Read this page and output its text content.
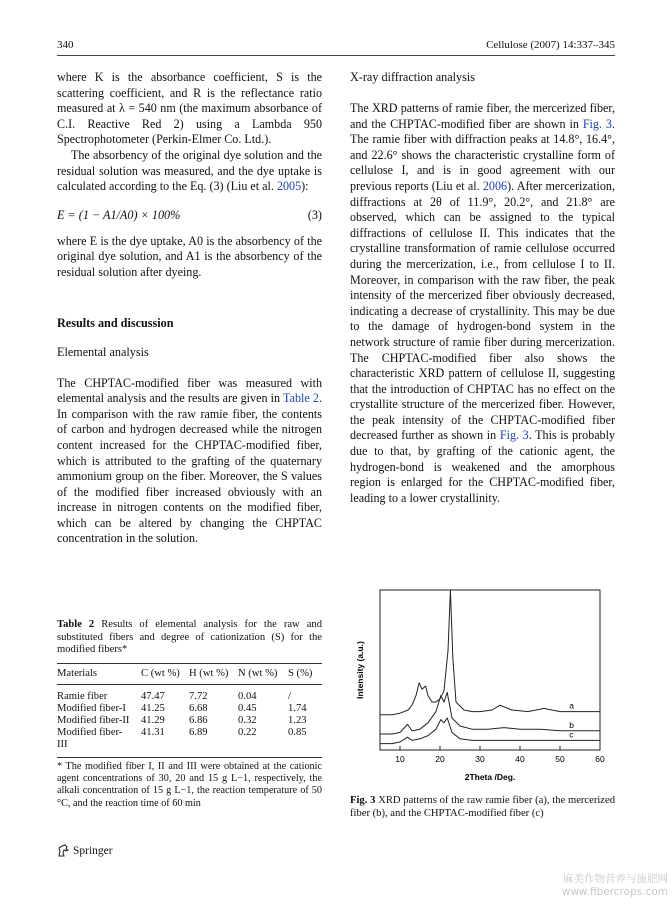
340	Cellulose (2007) 14:337–345

where K is the absorbance coefficient, S is the scattering coefficient, and R is the reflectance ratio measured at λ = 540 nm (the maximum absorbance of C.I. Reactive Red 2) using a Lambda 950 Spectrophotometer (Perkin-Elmer Co. Ltd.).

The absorbency of the original dye solution and the residual solution was measured, and the dye uptake is calculated according to the Eq. (3) (Liu et al. 2005):

E = (1 − A1/A0) × 100%	(3)

where E is the dye uptake, A0 is the absorbency of the original dye solution, and A1 is the absorbency of the residual solution after dyeing.

Results and discussion
Elemental analysis

The CHPTAC-modified fiber was measured with elemental analysis and the results are given in Table 2. In comparison with the raw ramie fiber, the contents of carbon and hydrogen decreased while the nitrogen content increased for the CHPTAC-modified fiber, which is attributed to the grafting of the quaternary ammonium group on the fiber. Moreover, the S values of the modified fiber increased obviously with an increase in nitrogen contents on the modified fiber, which can be altered by changing the CHPTAC concentration in the solution.

Table 2 Results of elemental analysis for the raw and substituted fibers and degree of cationization (S) for the modified fibers*
Materials	C (wt %)	H (wt %)	N (wt %)	S (%)

Ramie fiber	47.47	7.72	0.04	/
Modified fiber-I	41.25	6.68	0.45	1.74
Modified fiber-II	41.29	6.86	0.32	1.23
Modified fiber-III	41.31	6.89	0.22	0.85
* The modified fiber I, II and III were obtained at the cationic agent concentrations of 30, 20 and 15 g L−1, respectively, the alkali concentration of 15 g L−1, the reaction temperature of 50 °C, and the reaction time of 60 min
X-ray diffraction analysis

The XRD patterns of ramie fiber, the mercerized fiber, and the CHPTAC-modified fiber are shown in Fig. 3. The ramie fiber with diffraction peaks at 14.8°, 16.4°, and 22.6° shows the characteristic crystalline form of cellulose I, and is in good agreement with our previous reports (Liu et al. 2006). After mercerization, diffractions at 2θ of 11.9°, 20.2°, and 21.8° are observed, which can be assigned to the typical diffractions of cellulose II. This indicates that the crystalline transformation of ramie cellulose occurred during the mercerization, i.e., from cellulose I to II. Moreover, in comparison with the raw fiber, the peak intensity of the mercerized fiber obviously decreased, indicating a decrease of crystallinity. This may be due to the damage of hydrogen-bond system in the network structure of ramie fiber during mercerization. The CHPTAC-modified fiber also shows the characteristic XRD pattern of cellulose II, suggesting that the introduction of CHPTAC has no effect on the crystallite structure of the mercerized fiber. However, the peak intensity of the CHPTAC-modified fiber decreased further as shown in Fig. 3. This is probably due to that, by grafting of the cationic agent, the hydrogen-bond is weakened and the amorphous region is enlarged for the CHPTAC-modified fiber, leading to a lower crystallinity.

10	20	30	40	50	60
a
b
c
Intensity (a.u.)
2Theta /Deg.
Fig. 3 XRD patterns of the raw ramie fiber (a), the mercerized fiber (b), and the CHPTAC-modified fiber (c)
Springer
麻类作物营养与施肥网
www.fibercrops.com
